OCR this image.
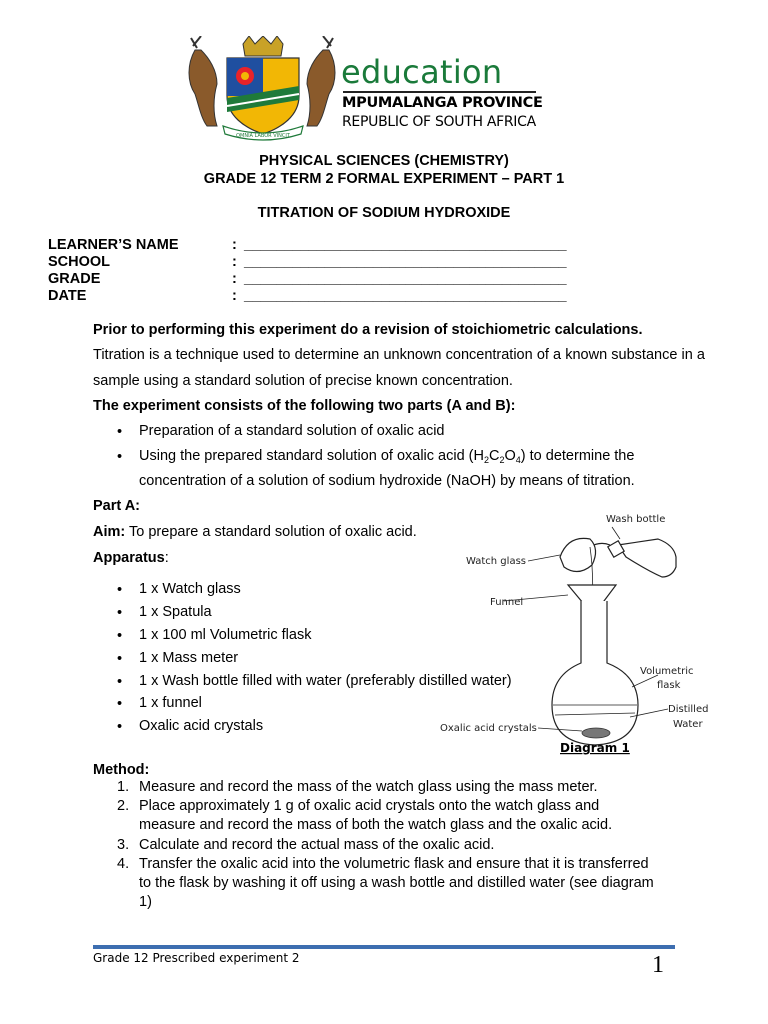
OMNIA LABOR VINCIT
education
MPUMALANGA PROVINCE
REPUBLIC OF SOUTH AFRICA
PHYSICAL SCIENCES (CHEMISTRY)
GRADE 12 TERM 2 FORMAL EXPERIMENT – PART 1
TITRATION OF SODIUM HYDROXIDE
LEARNER’S NAME	: ________________________________________
SCHOOL	: ________________________________________
GRADE	: ________________________________________
DATE	: ________________________________________
Prior to performing this experiment do a revision of stoichiometric calculations.
Titration is a technique used to determine an unknown concentration of a known substance in a sample using a standard solution of precise known concentration.
The experiment consists of the following two parts (A and B):
• Preparation of a standard solution of oxalic acid
• Using the prepared standard solution of oxalic acid $(H_2C_2O_4)$ to determine the
concentration of a solution of sodium hydroxide (NaOH) by means of titration.
Part A:
Aim: To prepare a standard solution of oxalic acid.
Apparatus:
• 1 x Watch glass
• 1 x Spatula
• 1 x 100 ml Volumetric flask
• 1 x Mass meter
• 1 x Wash bottle filled with water (preferably distilled water)
• 1 x funnel
• Oxalic acid crystals
Wash bottle
Watch glass
Funnel
Volumetric
flask
Distilled
Water
Oxalic acid crystals
Diagram 1
Method:
1. Measure and record the mass of the watch glass using the mass meter.
2. Place approximately 1 g of oxalic acid crystals onto the watch glass and
measure and record the mass of both the watch glass and the oxalic acid.
3. Calculate and record the actual mass of the oxalic acid.
4. Transfer the oxalic acid into the volumetric flask and ensure that it is transferred
to the flask by washing it off using a wash bottle and distilled water (see diagram
1)
Grade 12 Prescribed experiment 2	1
